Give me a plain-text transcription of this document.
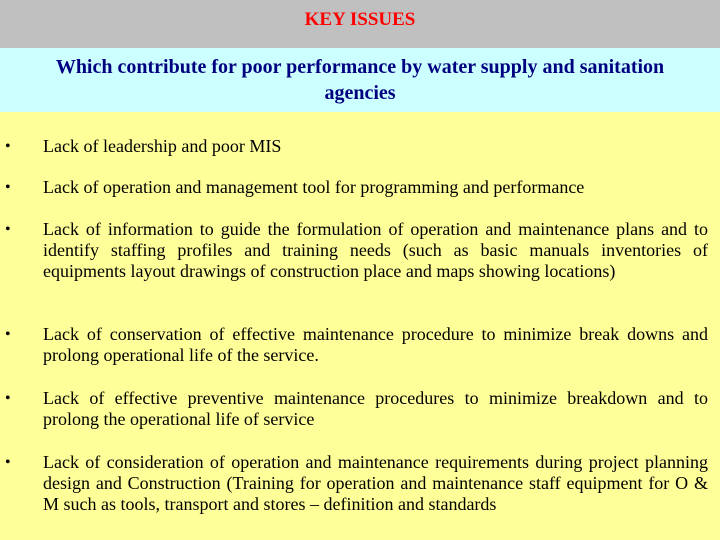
KEY ISSUES
Which contribute for poor performance by water supply and sanitation agencies
• Lack of leadership and poor MIS
• Lack of operation and management tool for programming and performance
• Lack of information to guide the formulation of operation and maintenance plans and to identify staffing profiles and training needs (such as basic manuals inventories of equipments layout drawings of construction place and maps showing locations)
• Lack of conservation of effective maintenance procedure to minimize break downs and prolong operational life of the service.
• Lack of effective preventive maintenance procedures to minimize breakdown and to prolong the operational life of service
• Lack of consideration of operation and maintenance requirements during project planning design and Construction (Training for operation and maintenance staff equipment for O & M such as tools, transport and stores – definition and standards
